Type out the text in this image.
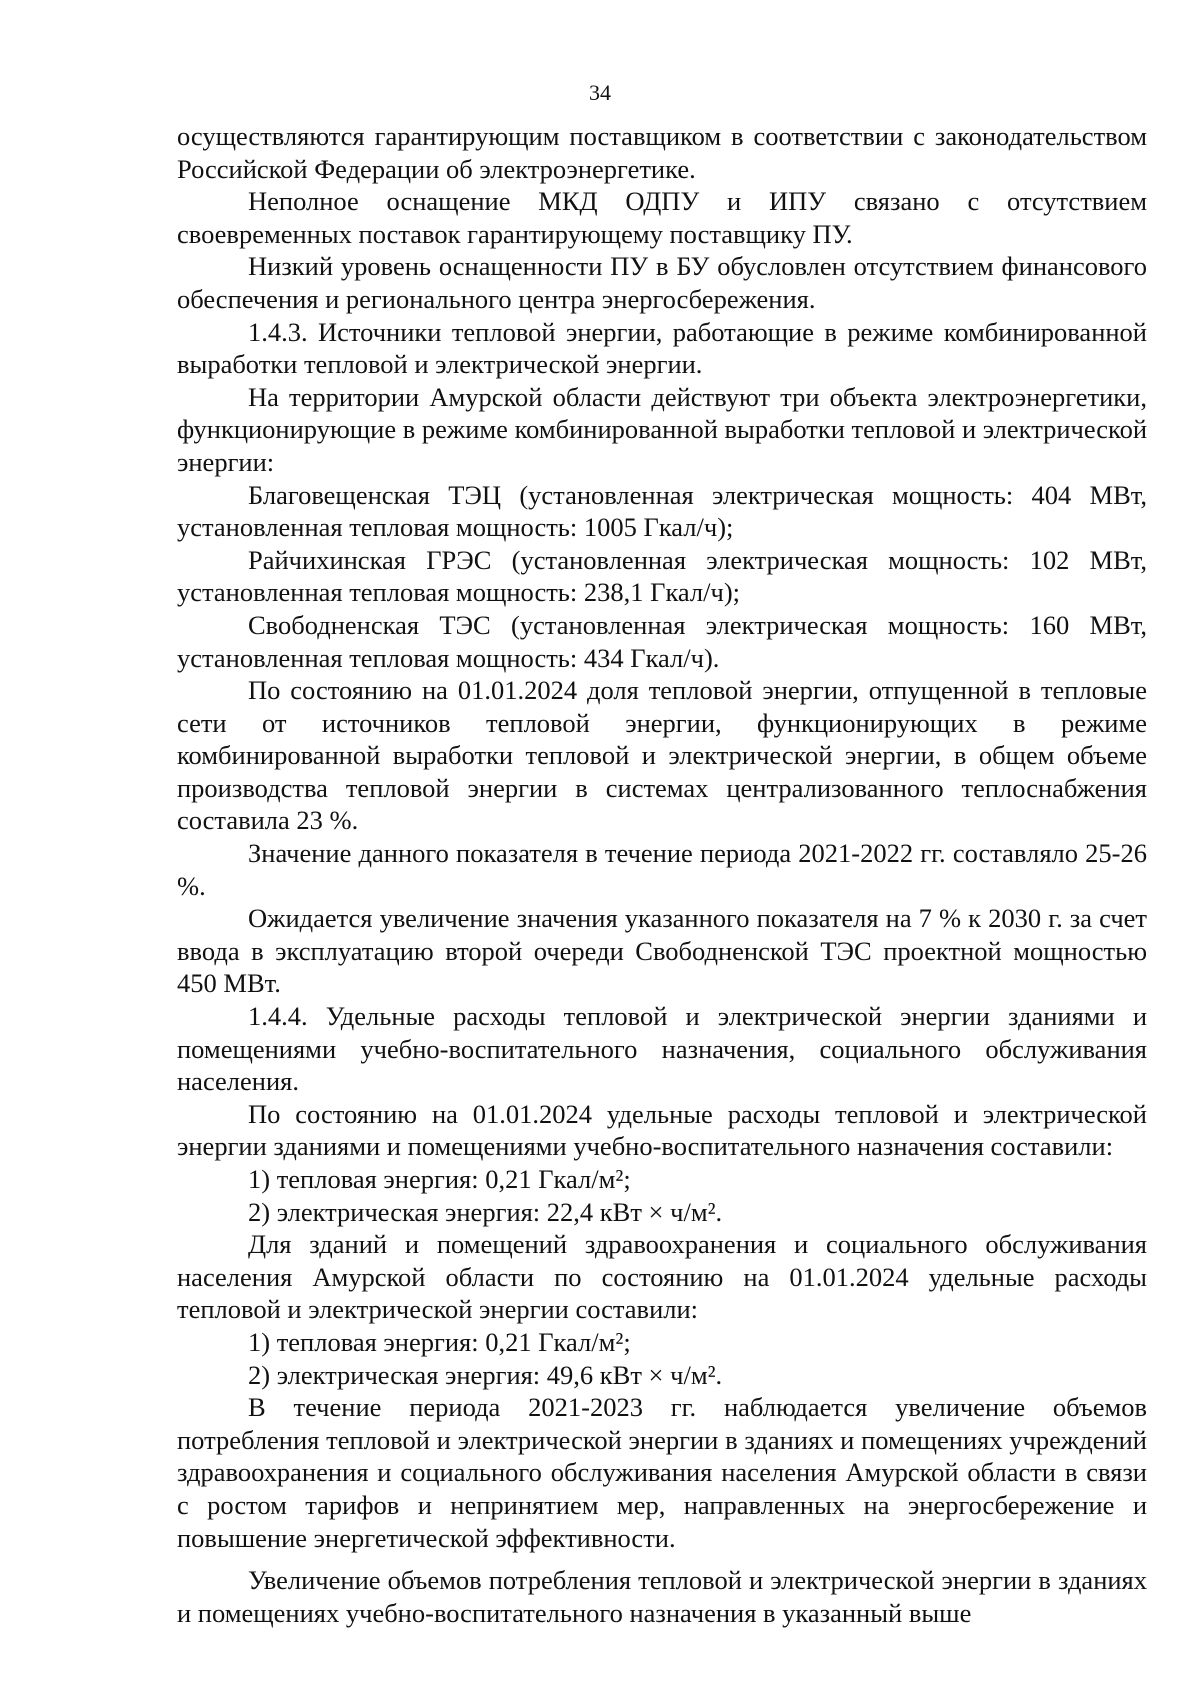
34

осуществляются гарантирующим поставщиком в соответствии с законодательством Российской Федерации об электроэнергетике.

Неполное оснащение МКД ОДПУ и ИПУ связано с отсутствием своевременных поставок гарантирующему поставщику ПУ.

Низкий уровень оснащенности ПУ в БУ обусловлен отсутствием финансового обеспечения и регионального центра энергосбережения.

1.4.3. Источники тепловой энергии, работающие в режиме комбинированной выработки тепловой и электрической энергии.

На территории Амурской области действуют три объекта электроэнергетики, функционирующие в режиме комбинированной выработки тепловой и электрической энергии:

Благовещенская ТЭЦ (установленная электрическая мощность: 404 МВт, установленная тепловая мощность: 1005 Гкал/ч);

Райчихинская ГРЭС (установленная электрическая мощность: 102 МВт, установленная тепловая мощность: 238,1 Гкал/ч);

Свободненская ТЭС (установленная электрическая мощность: 160 МВт, установленная тепловая мощность: 434 Гкал/ч).

По состоянию на 01.01.2024 доля тепловой энергии, отпущенной в тепловые сети от источников тепловой энергии, функционирующих в режиме комбинированной выработки тепловой и электрической энергии, в общем объеме производства тепловой энергии в системах централизованного теплоснабжения составила 23 %.

Значение данного показателя в течение периода 2021-2022 гг. составляло 25-26 %.

Ожидается увеличение значения указанного показателя на 7 % к 2030 г. за счет ввода в эксплуатацию второй очереди Свободненской ТЭС проектной мощностью 450 МВт.

1.4.4. Удельные расходы тепловой и электрической энергии зданиями и помещениями учебно-воспитательного назначения, социального обслуживания населения.

По состоянию на 01.01.2024 удельные расходы тепловой и электрической энергии зданиями и помещениями учебно-воспитательного назначения составили:

1) тепловая энергия: 0,21 Гкал/м²;

2) электрическая энергия: 22,4 кВт × ч/м².

Для зданий и помещений здравоохранения и социального обслуживания населения Амурской области по состоянию на 01.01.2024 удельные расходы тепловой и электрической энергии составили:

1) тепловая энергия: 0,21 Гкал/м²;

2) электрическая энергия: 49,6 кВт × ч/м².

В течение периода 2021-2023 гг. наблюдается увеличение объемов потребления тепловой и электрической энергии в зданиях и помещениях учреждений здравоохранения и социального обслуживания населения Амурской области в связи с ростом тарифов и непринятием мер, направленных на энергосбережение и повышение энергетической эффективности.

Увеличение объемов потребления тепловой и электрической энергии в зданиях и помещениях учебно-воспитательного назначения в указанный выше
